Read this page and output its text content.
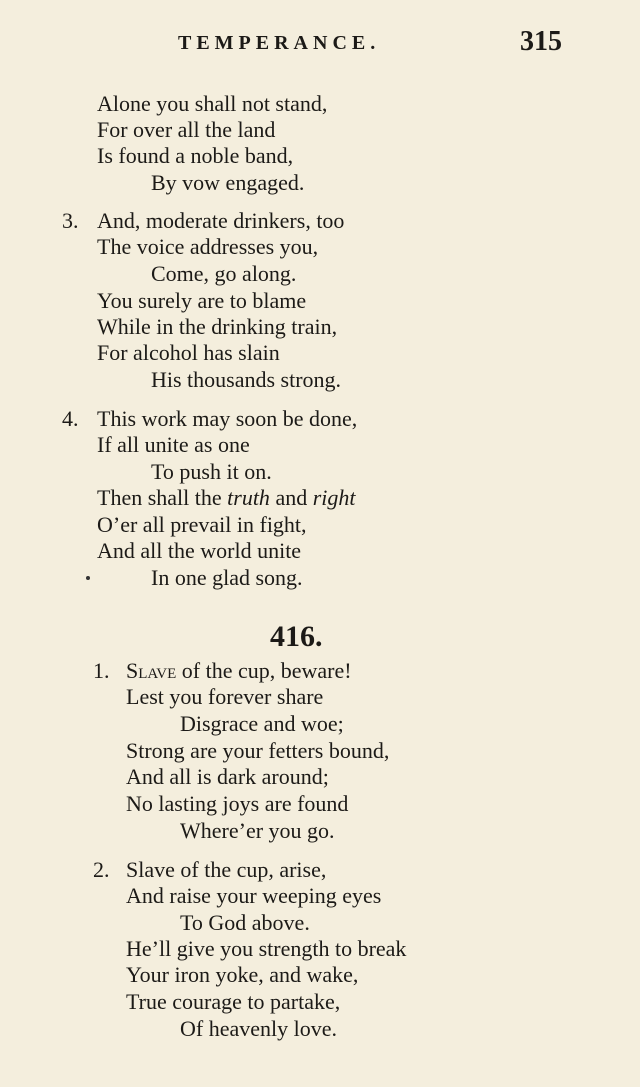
TEMPERANCE.	315
Alone you shall not stand,
For over all the land
Is found a noble band,
By vow engaged.
3. And, moderate drinkers, too
The voice addresses you,
Come, go along.
You surely are to blame
While in the drinking train,
For alcohol has slain
His thousands strong.
4. This work may soon be done,
If all unite as one
To push it on.
Then shall the truth and right
O’er all prevail in fight,
And all the world unite
In one glad song.
416.
1. Slave of the cup, beware!
Lest you forever share
Disgrace and woe;
Strong are your fetters bound,
And all is dark around;
No lasting joys are found
Where’er you go.
2. Slave of the cup, arise,
And raise your weeping eyes
To God above.
He’ll give you strength to break
Your iron yoke, and wake,
True courage to partake,
Of heavenly love.
